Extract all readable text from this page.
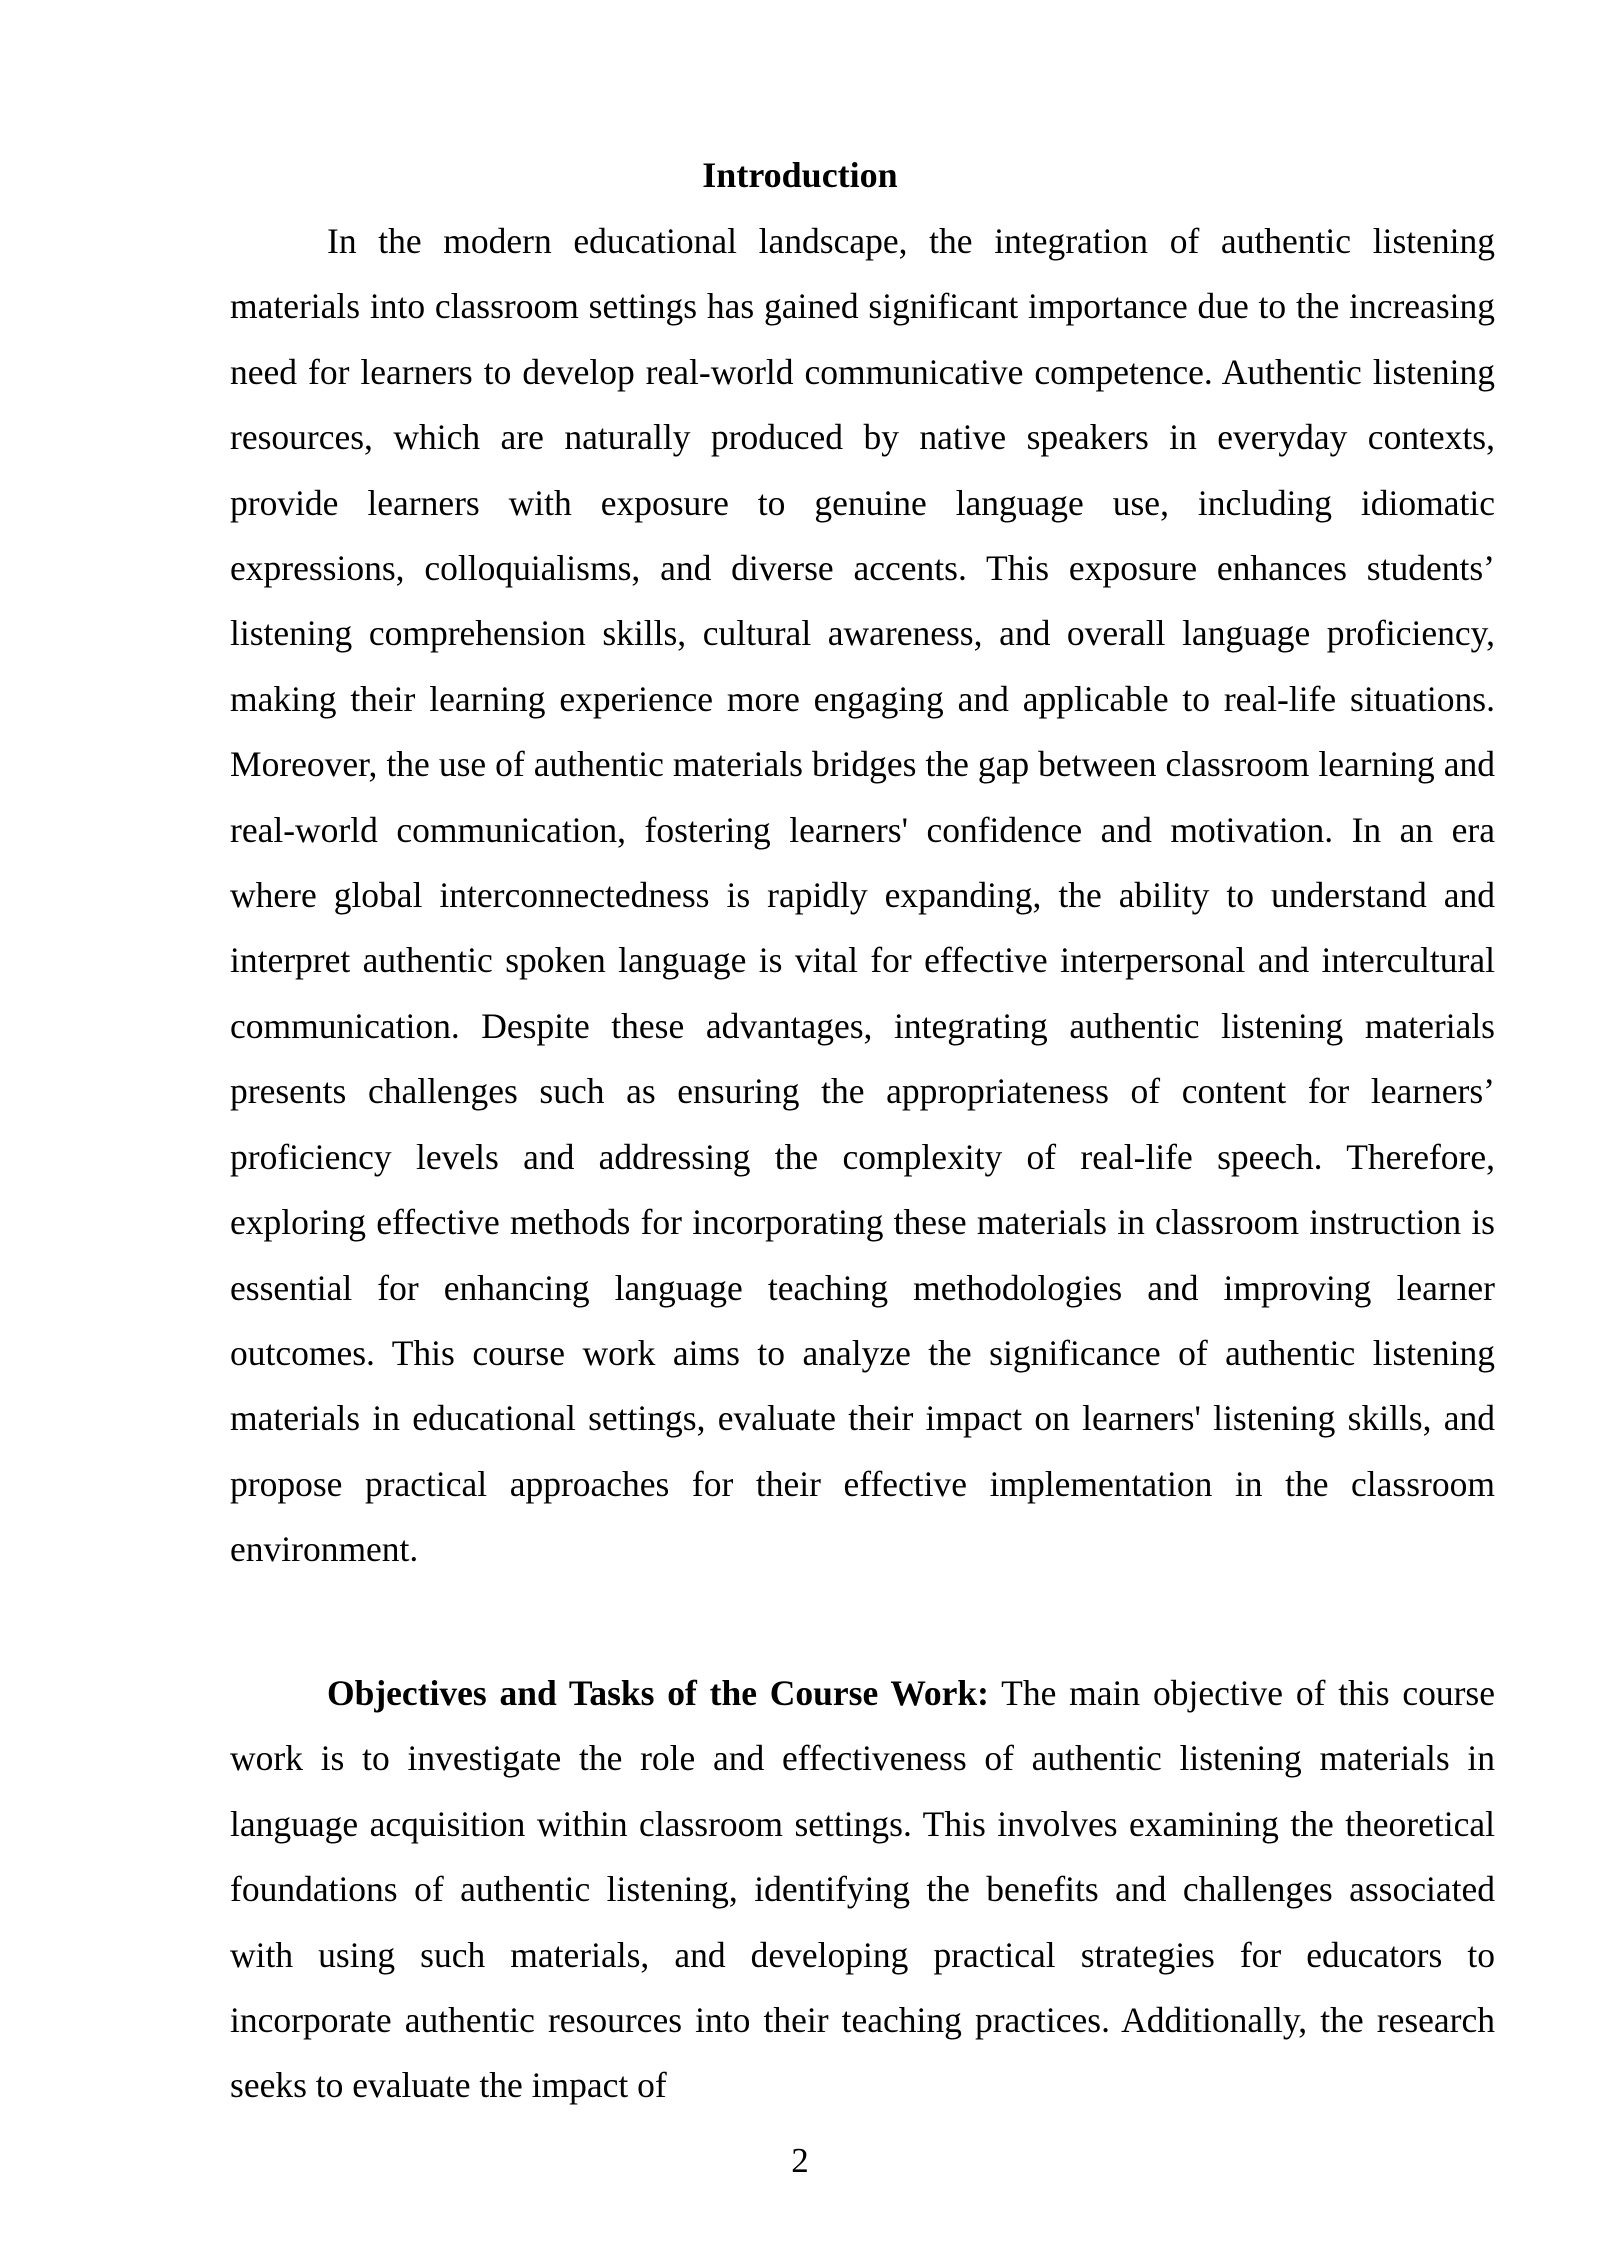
Introduction

In the modern educational landscape, the integration of authentic listening materials into classroom settings has gained significant importance due to the increasing need for learners to develop real-world communicative competence. Authentic listening resources, which are naturally produced by native speakers in everyday contexts, provide learners with exposure to genuine language use, including idiomatic expressions, colloquialisms, and diverse accents. This exposure enhances students’ listening comprehension skills, cultural awareness, and overall language proficiency, making their learning experience more engaging and applicable to real-life situations. Moreover, the use of authentic materials bridges the gap between classroom learning and real-world communication, fostering learners' confidence and motivation. In an era where global interconnectedness is rapidly expanding, the ability to understand and interpret authentic spoken language is vital for effective interpersonal and intercultural communication. Despite these advantages, integrating authentic listening materials presents challenges such as ensuring the appropriateness of content for learners’ proficiency levels and addressing the complexity of real-life speech. Therefore, exploring effective methods for incorporating these materials in classroom instruction is essential for enhancing language teaching methodologies and improving learner outcomes. This course work aims to analyze the significance of authentic listening materials in educational settings, evaluate their impact on learners' listening skills, and propose practical approaches for their effective implementation in the classroom environment.

Objectives and Tasks of the Course Work: The main objective of this course work is to investigate the role and effectiveness of authentic listening materials in language acquisition within classroom settings. This involves examining the theoretical foundations of authentic listening, identifying the benefits and challenges associated with using such materials, and developing practical strategies for educators to incorporate authentic resources into their teaching practices. Additionally, the research seeks to evaluate the impact of

2
